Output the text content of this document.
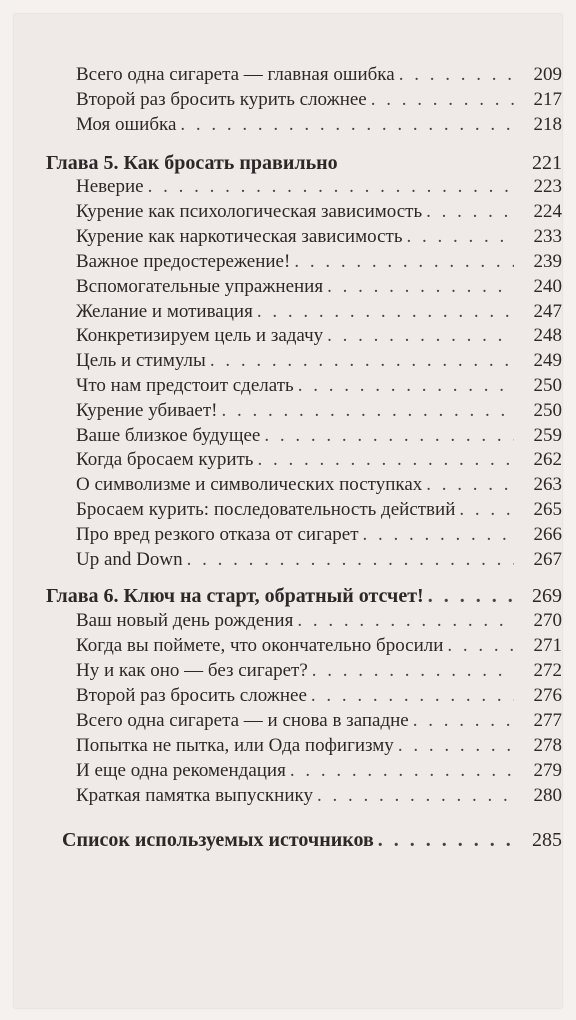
Всего одна сигарета — главная ошибка . . .	209
Второй раз бросить курить сложнее . . .	217
Моя ошибка . . .	218
Глава 5. Как бросать правильно	221
Неверие . . .	223
Курение как психологическая зависимость . . .	224
Курение как наркотическая зависимость . . .	233
Важное предостережение! . . .	239
Вспомогательные упражнения . . .	240
Желание и мотивация . . .	247
Конкретизируем цель и задачу . . .	248
Цель и стимулы . . .	249
Что нам предстоит сделать . . .	250
Курение убивает! . . .	250
Ваше близкое будущее . . .	259
Когда бросаем курить . . .	262
О символизме и символических поступках . . .	263
Бросаем курить: последовательность действий . . .	265
Про вред резкого отказа от сигарет . . .	266
Up and Down . . .	267
Глава 6. Ключ на старт, обратный отсчет! . . .	269
Ваш новый день рождения . . .	270
Когда вы поймете, что окончательно бросили . . .	271
Ну и как оно — без сигарет? . . .	272
Второй раз бросить сложнее . . .	276
Всего одна сигарета — и снова в западне . . .	277
Попытка не пытка, или Ода пофигизму . . .	278
И еще одна рекомендация . . .	279
Краткая памятка выпускнику . . .	280
Список используемых источников . . .	285
